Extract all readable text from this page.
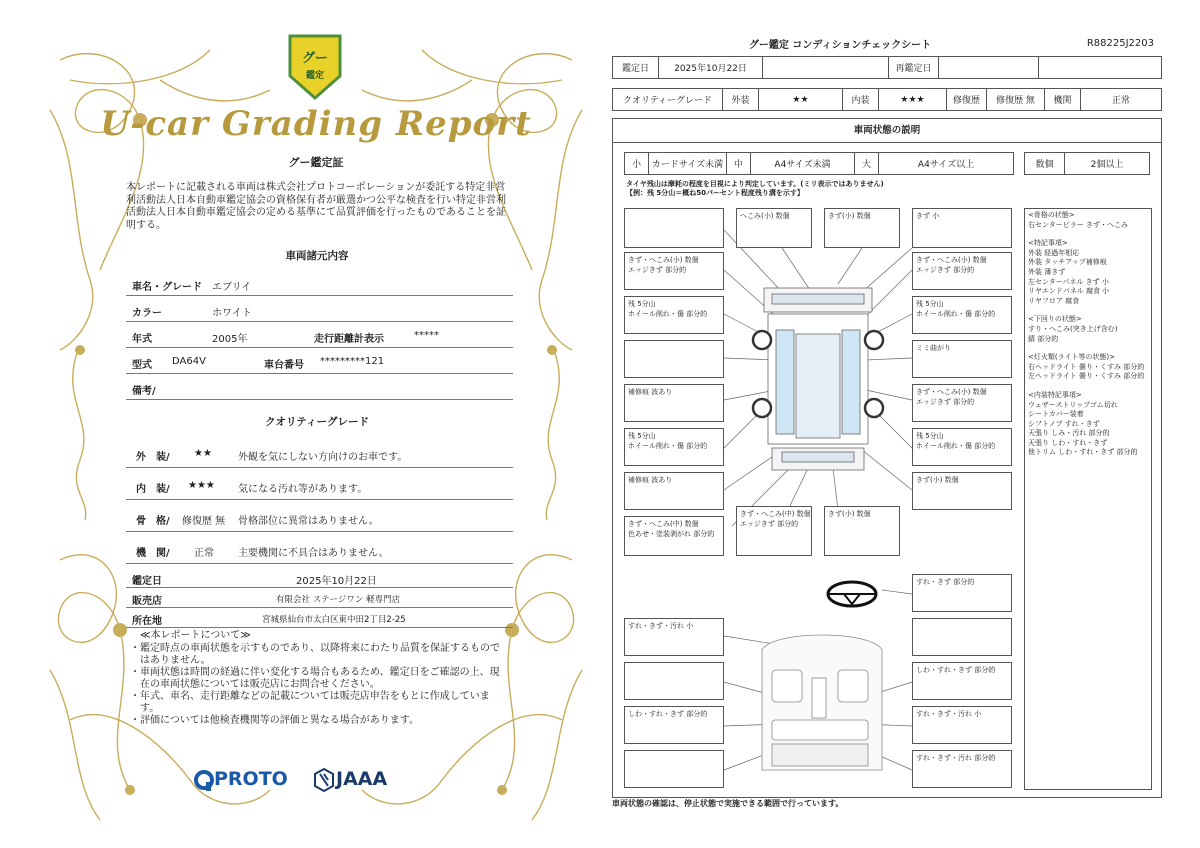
グー
鑑定
U-car Grading Report
グー鑑定証
本レポートに記載される車両は株式会社プロトコーポレーションが委託する特定非営利活動法人日本自動車鑑定協会の資格保有者が厳選かつ公平な検査を行い特定非営利活動法人日本自動車鑑定協会の定める基準にて品質評価を行ったものであることを証明する。
車両諸元内容
車名・グレード エブリイ
カラー	ホワイト
年式	2005年	走行距離計表示	*****
型式 DA64V	車台番号 *********121
備考/
クオリティーグレード
外　装/ ★★	外観を気にしない方向けのお車です。
内　装/ ★★★ 気になる汚れ等があります。
骨　格/ 修復歴 無 骨格部位に異常はありません。
機　関/ 正常 主要機関に不具合はありません。
鑑定日	2025年10月22日
販売店	有限会社 ステージワン 軽専門店
所在地	宮城県仙台市太白区東中田2丁目2-25
≪本レポートについて≫
・鑑定時点の車両状態を示すものであり、以降将来にわたり品質を保証するものではありません。
・車両状態は時間の経過に伴い変化する場合もあるため、鑑定日をご確認の上、現在の車両状態については販売店にお問合せください。
・年式、車名、走行距離などの記載については販売店申告をもとに作成しています。
・評価については他検査機関等の評価と異なる場合があります。
PROTO	JAAA
グー鑑定 コンディションチェックシート	R88225J2203
鑑定日	2025年10月22日		再鑑定日		
クオリティーグレード	外装	★★	内装	★★★	修復歴	修復歴 無	機関	正常
車両状態の説明
小	カードサイズ未満	中	A4サイズ未満	大	A4サイズ以上	数個	2個以上
タイヤ残山は摩耗の程度を目視により判定しています。(ミリ表示ではありません)
【例：残 5分山＝概ね50パーセント程度残り溝を示す】
へこみ(小) 数個	きず(小) 数個	きず 小
きず・へこみ(小) 数個
エッジきず 部分的
きず・へこみ(小) 数個
エッジきず 部分的
残 5分山
ホイール削れ・傷 部分的
残 5分山
ホイール削れ・傷 部分的
ミミ曲がり
補修痕 波あり	きず・へこみ(小) 数個
エッジきず 部分的
残 5分山
ホイール削れ・傷 部分的
残 5分山
ホイール削れ・傷 部分的
補修痕 波あり	きず(小) 数個
きず・へこみ(中) 数個
色あせ・塗装剥がれ 部分的
きず・へこみ(中) 数個
エッジきず 部分的
きず(小) 数個
すれ・きず 部分的
すれ・きず・汚れ 小
しわ・すれ・きず 部分的
しわ・すれ・きず 部分的	すれ・きず・汚れ 小
すれ・きず・汚れ 部分的
<骨格の状態>
右センターピラー きず・へこみ
<特記事項>
外装 経過年相応
外装 タッチアップ補修痕
外装 薄きず
左センターパネル きず 小
リヤエンドパネル 腐食 小
リヤフロア 腐食
<下回りの状態>
すり・へこみ(突き上げ含む)
錆 部分的
<灯火類(ライト等の状態)>
右ヘッドライト 曇り・くすみ 部分的
左ヘッドライト 曇り・くすみ 部分的
<内装特記事項>
ウェザーストリップゴム切れ
シートカバー装着
シフトノブ すれ・きず
天張り しみ・汚れ 部分的
天張り しわ・すれ・きず
他トリム しわ・すれ・きず 部分的
車両状態の確認は、停止状態で実施できる範囲で行っています。
